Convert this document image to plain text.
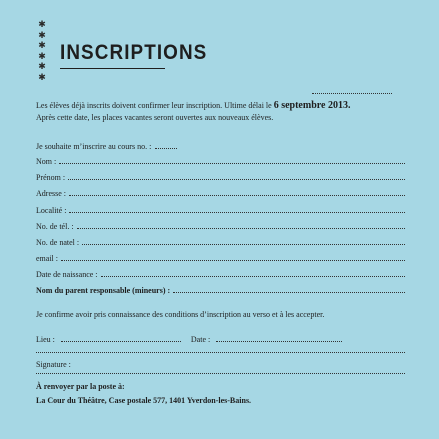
✱
✱
✱
✱
✱
✱
INSCRIPTIONS
Les élèves déjà inscrits doivent confirmer leur inscription. Ultime délai le 6 septembre 2013.
Après cette date, les places vacantes seront ouvertes aux nouveaux élèves.
Je souhaite m’inscrire au cours no. :
Nom :
Prénom :
Adresse :
Localité :
No. de tél. :
No. de natel :
email :
Date de naissance :
Nom du parent responsable (mineurs) :
Je confirme avoir pris connaissance des conditions d’inscription au verso et à les accepter.
Lieu :	Date :
Signature :
À renvoyer par la poste à:
La Cour du Théâtre, Case postale 577, 1401 Yverdon-les-Bains.
